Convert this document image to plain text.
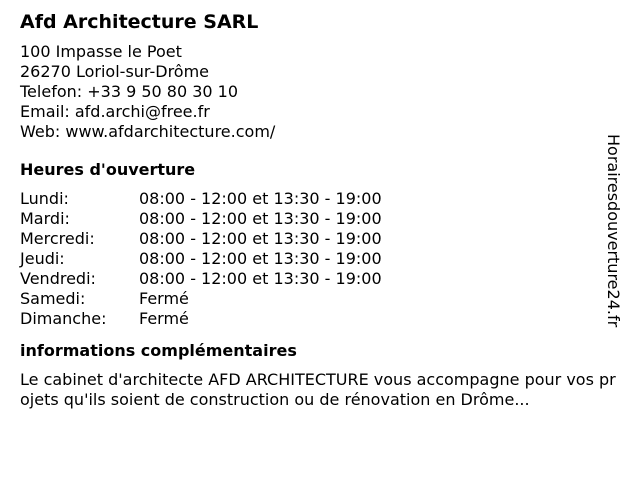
Afd Architecture SARL
100 Impasse le Poet
26270 Loriol-sur-Drôme
Telefon: +33 9 50 80 30 10
Email: afd.archi@free.fr
Web: www.afdarchitecture.com/
Heures d'ouverture
Lundi:	08:00 - 12:00 et 13:30 - 19:00
Mardi:	08:00 - 12:00 et 13:30 - 19:00
Mercredi:	08:00 - 12:00 et 13:30 - 19:00
Jeudi:	08:00 - 12:00 et 13:30 - 19:00
Vendredi:	08:00 - 12:00 et 13:30 - 19:00
Samedi:	Fermé
Dimanche:	Fermé
informations complémentaires

Le cabinet d'architecte AFD ARCHITECTURE vous accompagne pour vos projets qu'ils soient de construction ou de rénovation en Drôme...

Horairesdouverture24.fr
